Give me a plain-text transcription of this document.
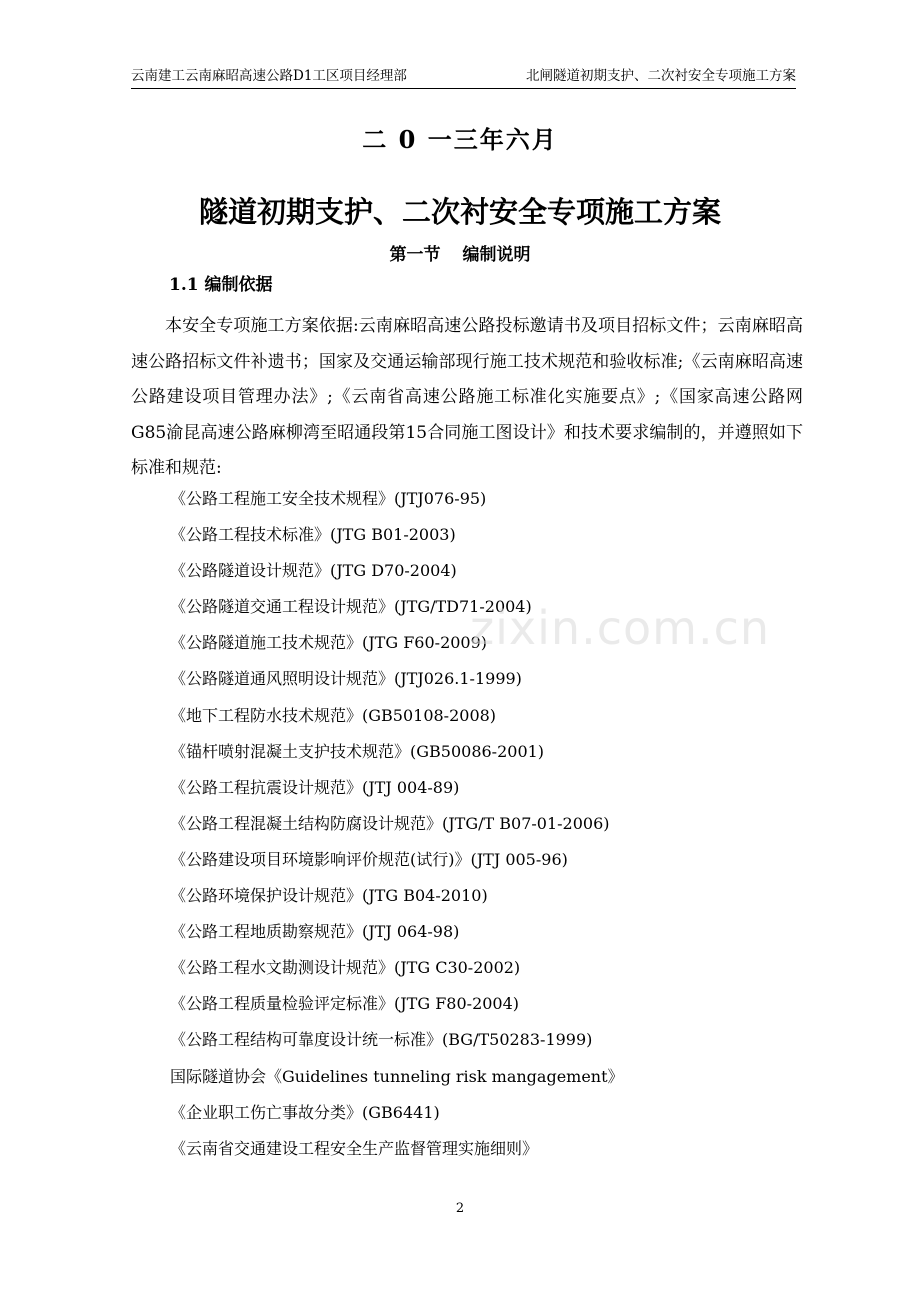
云南建工云南麻昭高速公路D1工区项目经理部	北闸隧道初期支护、二次衬安全专项施工方案
二 0 一三年六月
隧道初期支护、二次衬安全专项施工方案
第一节 编制说明
1.1 编制依据

本安全专项施工方案依据:云南麻昭高速公路投标邀请书及项目招标文件；云南麻昭高速公路招标文件补遗书；国家及交通运输部现行施工技术规范和验收标准;《云南麻昭高速公路建设项目管理办法》;《云南省高速公路施工标准化实施要点》;《国家高速公路网G85渝昆高速公路麻柳湾至昭通段第15合同施工图设计》和技术要求编制的，并遵照如下标准和规范:

《公路工程施工安全技术规程》(JTJ076-95)
《公路工程技术标准》(JTG B01-2003)
《公路隧道设计规范》(JTG D70-2004)
《公路隧道交通工程设计规范》(JTG/TD71-2004)
《公路隧道施工技术规范》(JTG F60-2009)
《公路隧道通风照明设计规范》(JTJ026.1-1999)
《地下工程防水技术规范》(GB50108-2008)
《锚杆喷射混凝土支护技术规范》(GB50086-2001)
《公路工程抗震设计规范》(JTJ 004-89)
《公路工程混凝土结构防腐设计规范》(JTG/T B07-01-2006)
《公路建设项目环境影响评价规范(试行)》(JTJ 005-96)
《公路环境保护设计规范》(JTG B04-2010)
《公路工程地质勘察规范》(JTJ 064-98)
《公路工程水文勘测设计规范》(JTG C30-2002)
《公路工程质量检验评定标准》(JTG F80-2004)
《公路工程结构可靠度设计统一标准》(BG/T50283-1999)
国际隧道协会《Guidelines tunneling risk mangagement》
《企业职工伤亡事故分类》(GB6441)
《云南省交通建设工程安全生产监督管理实施细则》
zixin.com.cn
2
